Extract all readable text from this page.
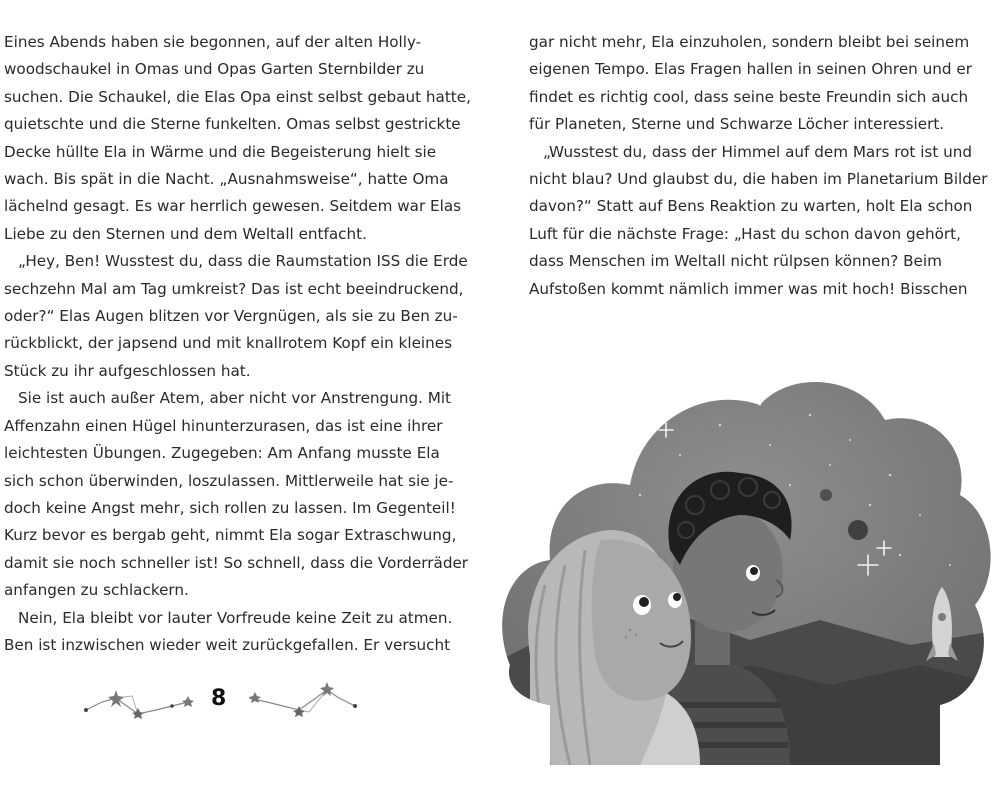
Eines Abends haben sie begonnen, auf der alten Holly-

woodschaukel in Omas und Opas Garten Sternbilder zu

suchen. Die Schaukel, die Elas Opa einst selbst gebaut hatte,

quietschte und die Sterne funkelten. Omas selbst gestrickte

Decke hüllte Ela in Wärme und die Begeisterung hielt sie

wach. Bis spät in die Nacht. „Ausnahmsweise“, hatte Oma

lächelnd gesagt. Es war herrlich gewesen. Seitdem war Elas

Liebe zu den Sternen und dem Weltall entfacht.

„Hey, Ben! Wusstest du, dass die Raumstation ISS die Erde

sechzehn Mal am Tag umkreist? Das ist echt beeindruckend,

oder?“ Elas Augen blitzen vor Vergnügen, als sie zu Ben zu-

rückblickt, der japsend und mit knallrotem Kopf ein kleines

Stück zu ihr aufgeschlossen hat.

Sie ist auch außer Atem, aber nicht vor Anstrengung. Mit

Affenzahn einen Hügel hinunterzurasen, das ist eine ihrer

leichtesten Übungen. Zugegeben: Am Anfang musste Ela

sich schon überwinden, loszulassen. Mittlerweile hat sie je-

doch keine Angst mehr, sich rollen zu lassen. Im Gegenteil!

Kurz bevor es bergab geht, nimmt Ela sogar Extraschwung,

damit sie noch schneller ist! So schnell, dass die Vorderräder

anfangen zu schlackern.

Nein, Ela bleibt vor lauter Vorfreude keine Zeit zu atmen.

Ben ist inzwischen wieder weit zurückgefallen. Er versucht

gar nicht mehr, Ela einzuholen, sondern bleibt bei seinem

eigenen Tempo. Elas Fragen hallen in seinen Ohren und er

findet es richtig cool, dass seine beste Freundin sich auch

für Planeten, Sterne und Schwarze Löcher interessiert.

„Wusstest du, dass der Himmel auf dem Mars rot ist und

nicht blau? Und glaubst du, die haben im Planetarium Bilder

davon?“ Statt auf Bens Reaktion zu warten, holt Ela schon

Luft für die nächste Frage: „Hast du schon davon gehört,

dass Menschen im Weltall nicht rülpsen können? Beim

Aufstoßen kommt nämlich immer was mit hoch! Bisschen

8
